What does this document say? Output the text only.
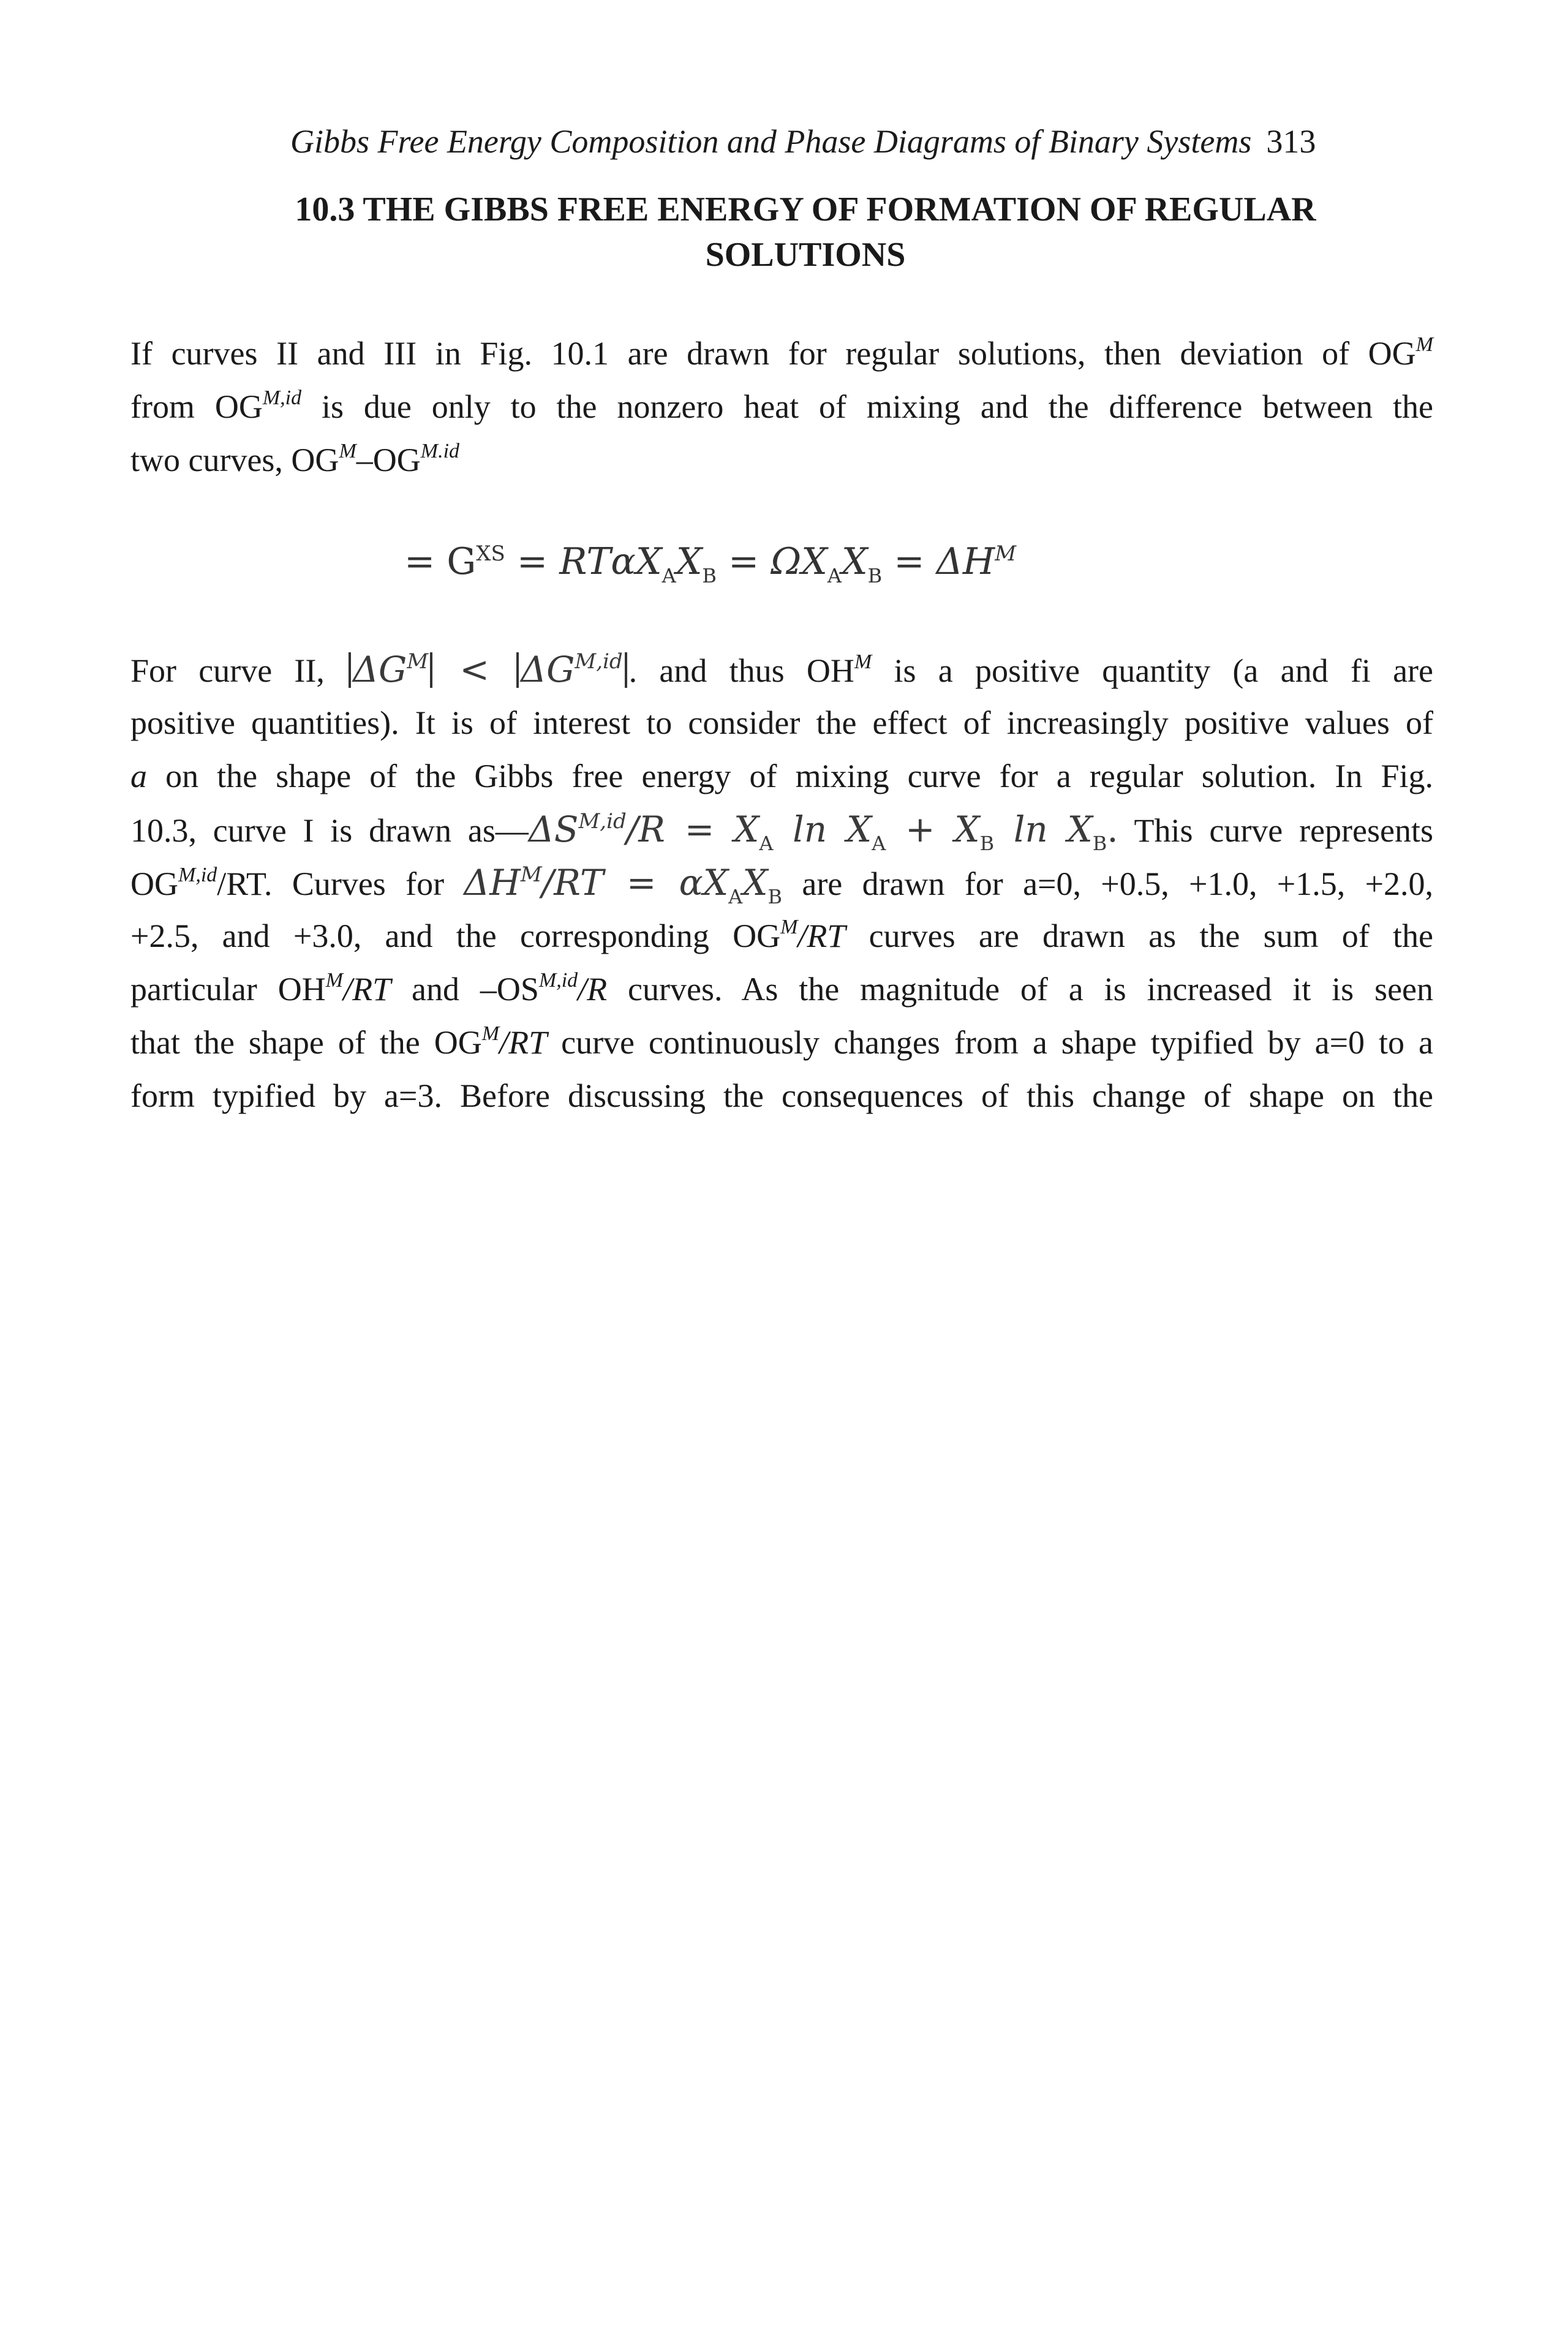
Gibbs Free Energy Composition and Phase Diagrams of Binary Systems 313
10.3 THE GIBBS FREE ENERGY OF FORMATION OF REGULAR
SOLUTIONS
If curves II and III in Fig. 10.1 are drawn for regular solutions, then deviation of $OG^M$
from $OG^{M,id}$ is due only to the nonzero heat of mixing and the difference between the
two curves, $OG^M-OG^{M.id}$
= $G^{XS} = RT\alpha X_AX_B = \Omega X_AX_B = \Delta H^M$
For curve II, $\Delta G^M < \Delta G^{M,id}$ . and thus $OH^M$ is a positive quantity (a and fi are
positive quantities). It is of interest to consider the effect of increasingly positive values of
a on the shape of the Gibbs free energy of mixing curve for a regular solution. In Fig.
10.3, curve I is drawn $as—\Delta S^{M,id}/R = X_A$ $\ln X_A + X_B$ $\ln X_B$. This curve represents
$OG^{M,id}/RT$. Curves for $\Delta H^M/RT = \alpha X_AX_B$ are drawn for a=0, +0.5, +1.0, +1.5, +2.0,
+2.5, and +3.0, and the corresponding $OG^M/RT$ curves are drawn as the sum of the
particular $OH^M/RT$ and $-OS^{M,id}/R$ curves. As the magnitude of a is increased it is seen
that the shape of the $OG^M/RT$ curve continuously changes from a shape typified by a=0 to a
form typified by a=3. Before discussing the consequences of this change of shape on the
